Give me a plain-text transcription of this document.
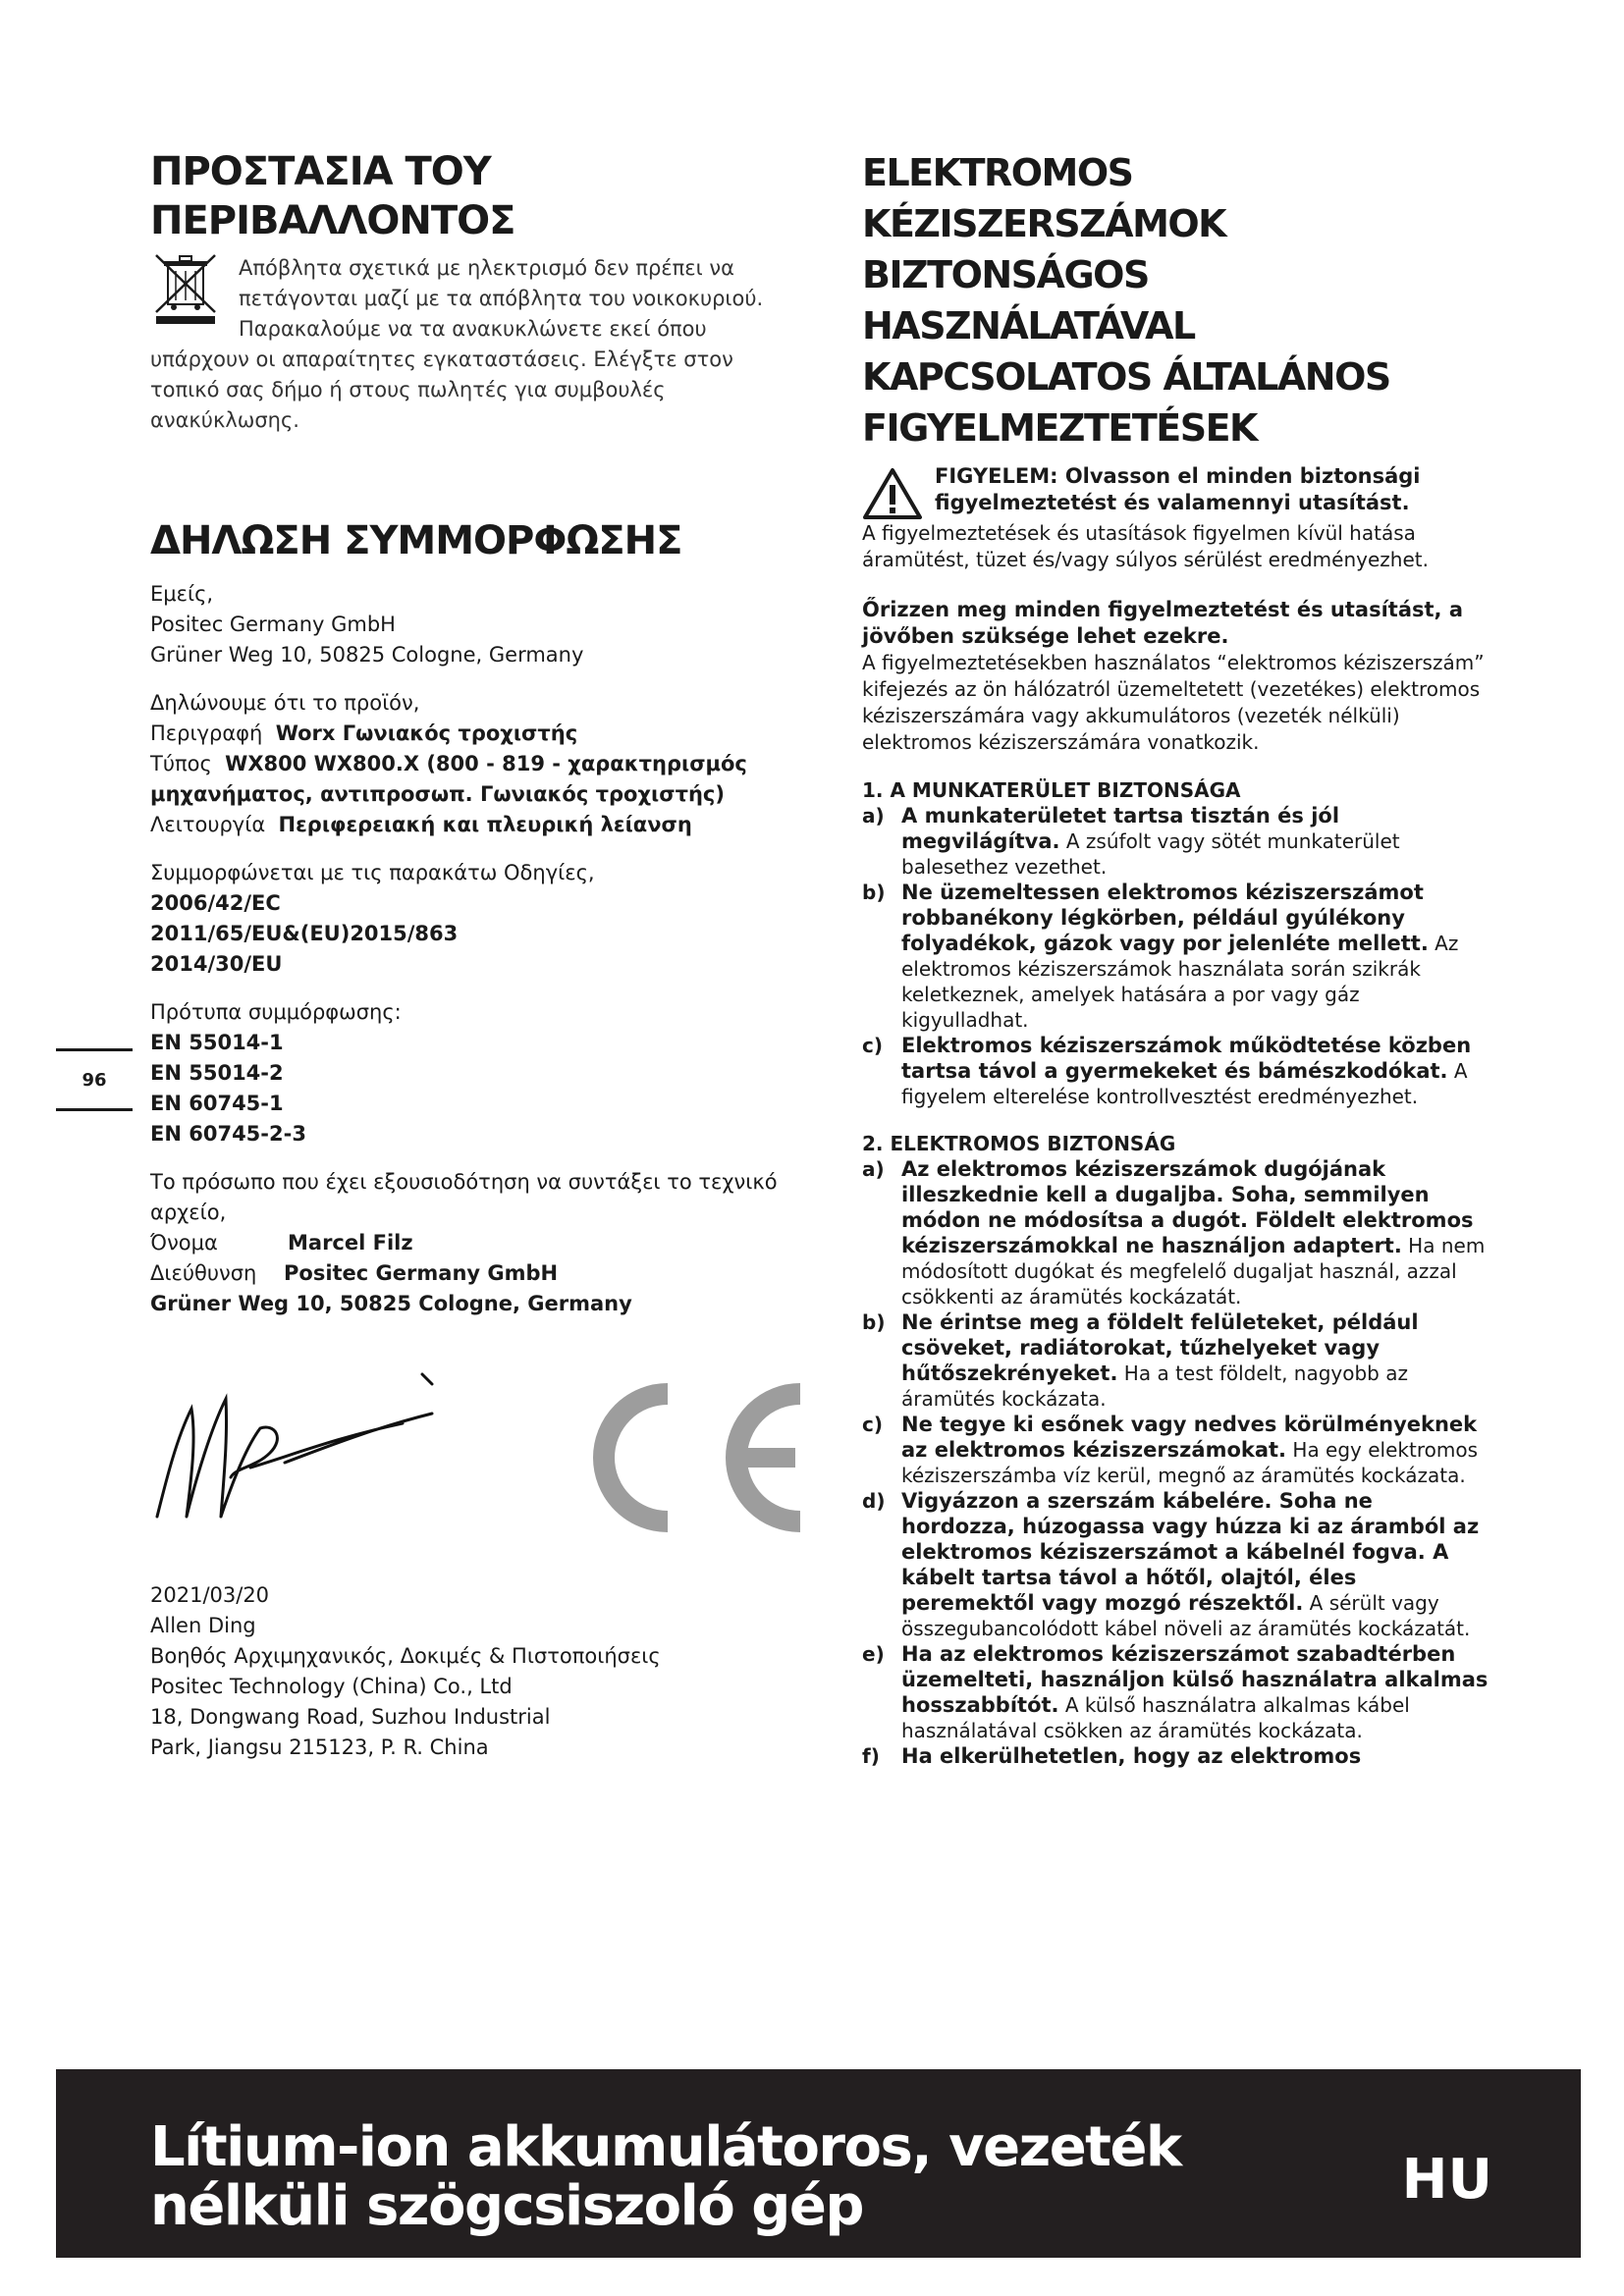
ΠΡΟΣΤΑΣΙΑ ΤΟΥ
ΠΕΡΙΒΑΛΛΟΝΤΟΣ

Απόβλητα σχετικά με ηλεκτρισμό δεν πρέπει να πετάγονται μαζί με τα απόβλητα του νοικοκυριού. Παρακαλούμε να τα ανακυκλώνετε εκεί όπου υπάρχουν οι απαραίτητες εγκαταστάσεις. Ελέγξτε στον τοπικό σας δήμο ή στους πωλητές για συμβουλές ανακύκλωσης.

ΔΗΛΩΣΗ ΣΥΜΜΟΡΦΩΣΗΣ

Εμείς,

Positec Germany GmbH

Grüner Weg 10, 50825 Cologne, Germany

Δηλώνουμε ότι το προϊόν,

Περιγραφή Worx Γωνιακός τροχιστής

Τύπος WX800 WX800.X (800 - 819 - χαρακτηρισμός μηχανήματος, αντιπροσωπ. Γωνιακός τροχιστής)

Λειτουργία Περιφερειακή και πλευρική λείανση

Συμμορφώνεται με τις παρακάτω Οδηγίες,

2006/42/EC

2011/65/EU&(EU)2015/863

2014/30/EU

Πρότυπα συμμόρφωσης:

EN 55014-1

EN 55014-2

EN 60745-1

EN 60745-2-3

Το πρόσωπο που έχει εξουσιοδότηση να συντάξει το τεχνικό αρχείο,

Όνομα	Marcel Filz

Διεύθυνση Positec Germany GmbH

Grüner Weg 10, 50825 Cologne, Germany

2021/03/20

Allen Ding

Βοηθός Αρχιμηχανικός, Δοκιμές & Πιστοποιήσεις

Positec Technology (China) Co., Ltd

18, Dongwang Road, Suzhou Industrial

Park, Jiangsu 215123, P. R. China

96
ELEKTROMOS
KÉZISZERSZÁMOK
BIZTONSÁGOS HASZNÁLATÁVAL
KAPCSOLATOS ÁLTALÁNOS
FIGYELMEZTETÉSEK

FIGYELEM: Olvasson el minden biztonsági figyelmeztetést és valamennyi utasítást.

A figyelmeztetések és utasítások figyelmen kívül hatása áramütést, tüzet és/vagy súlyos sérülést eredményezhet.

Őrizzen meg minden figyelmeztetést és utasítást, a jövőben szüksége lehet ezekre.

A figyelmeztetésekben használatos “elektromos kéziszerszám” kifejezés az ön hálózatról üzemeltetett (vezetékes) elektromos kéziszerszámára vagy akkumulátoros (vezeték nélküli) elektromos kéziszerszámára vonatkozik.

1. A MUNKATERÜLET BIZTONSÁGA

a) A munkaterületet tartsa tisztán és jól megvilágítva. A zsúfolt vagy sötét munkaterület balesethez vezethet.

b) Ne üzemeltessen elektromos kéziszerszámot robbanékony légkörben, például gyúlékony folyadékok, gázok vagy por jelenléte mellett. Az elektromos kéziszerszámok használata során szikrák keletkeznek, amelyek hatására a por vagy gáz kigyulladhat.

c) Elektromos kéziszerszámok működtetése közben tartsa távol a gyermekeket és bámészkodókat. A figyelem elterelése kontrollvesztést eredményezhet.

2. ELEKTROMOS BIZTONSÁG

a) Az elektromos kéziszerszámok dugójának illeszkednie kell a dugaljba. Soha, semmilyen módon ne módosítsa a dugót. Földelt elektromos kéziszerszámokkal ne használjon adaptert. Ha nem módosított dugókat és megfelelő dugaljat használ, azzal csökkenti az áramütés kockázatát.

b) Ne érintse meg a földelt felületeket, például csöveket, radiátorokat, tűzhelyeket vagy hűtőszekrényeket. Ha a test földelt, nagyobb az áramütés kockázata.

c) Ne tegye ki esőnek vagy nedves körülményeknek az elektromos kéziszerszámokat. Ha egy elektromos kéziszerszámba víz kerül, megnő az áramütés kockázata.

d) Vigyázzon a szerszám kábelére. Soha ne hordozza, húzogassa vagy húzza ki az áramból az elektromos kéziszerszámot a kábelnél fogva. A kábelt tartsa távol a hőtől, olajtól, éles peremektől vagy mozgó részektől. A sérült vagy összegubancolódott kábel növeli az áramütés kockázatát.

e) Ha az elektromos kéziszerszámot szabadtérben üzemelteti, használjon külső használatra alkalmas hosszabbítót. A külső használatra alkalmas kábel használatával csökken az áramütés kockázata.

f) Ha elkerülhetetlen, hogy az elektromos

Lítium-ion akkumulátoros, vezeték
nélküli szögcsiszoló gép	HU
